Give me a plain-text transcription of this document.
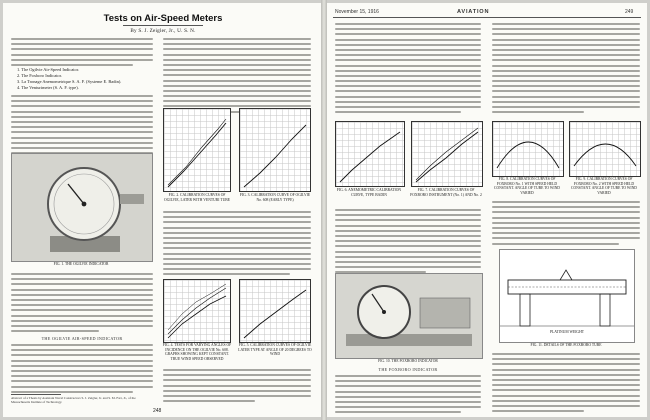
Tests on Air-Speed Meters
By S. J. Zeigler, Jr., U. S. N.
1. The Ogilvie Air-Speed Indicator.
2. The Foxboro Indicator.
3. La Tronage Anemometrique S. A. F. (Systeme E. Badin).
4. The Venturimeter (S. A. F. type).
FIG. 1. THE OGILVIE INDICATOR
FIG. 2. CALIBRATION CURVES OF OGILVIE, LATER WITH VENTURI TUBE
FIG. 3. CALIBRATION CURVE OF OGILVIE No. 608 (EARLY TYPE)
FIG. 4. TESTS FOR VARYING ANGLES OF INCIDENCE ON THE OGILVIE No. 608. GRAPHS SHOWING KEPT CONSTANT. TRUE WIND SPEED OBSERVED
FIG. 5. CALIBRATION CURVES OF OGILVIE LATER TYPE AT ANGLE OF 20 DEGREES TO WIND
THE OGILVIE AIR-SPEED INDICATOR
Abstract of a Thesis by Assistant Naval Constructors S. J. Zeigler, Jr. and S. M. Farr, Jr., of the Massachusetts Institute of Technology.
248
November 15, 1916	AVIATION	249
FIG. 6. ANEMOMETRIC CALIBRATION CURVE, TYPE BADIN
FIG. 7. CALIBRATION CURVES OF FOXBORO INSTRUMENT (No. 1) AND No. 2
FIG. 8. CALIBRATION CURVES OF FOXBORO No. 1 WITH SPEED HELD CONSTANT. ANGLE OF TUBE TO WIND VARIED
FIG. 9. CALIBRATION CURVES OF FOXBORO No. 2 WITH SPEED HELD CONSTANT. ANGLE OF TUBE TO WIND VARIED
FIG. 10. THE FOXBORO INDICATOR
THE FOXBORO INDICATOR
PLATINUM WEIGHT
FIG. 11. DETAILS OF THE FOXBORO TUBE
